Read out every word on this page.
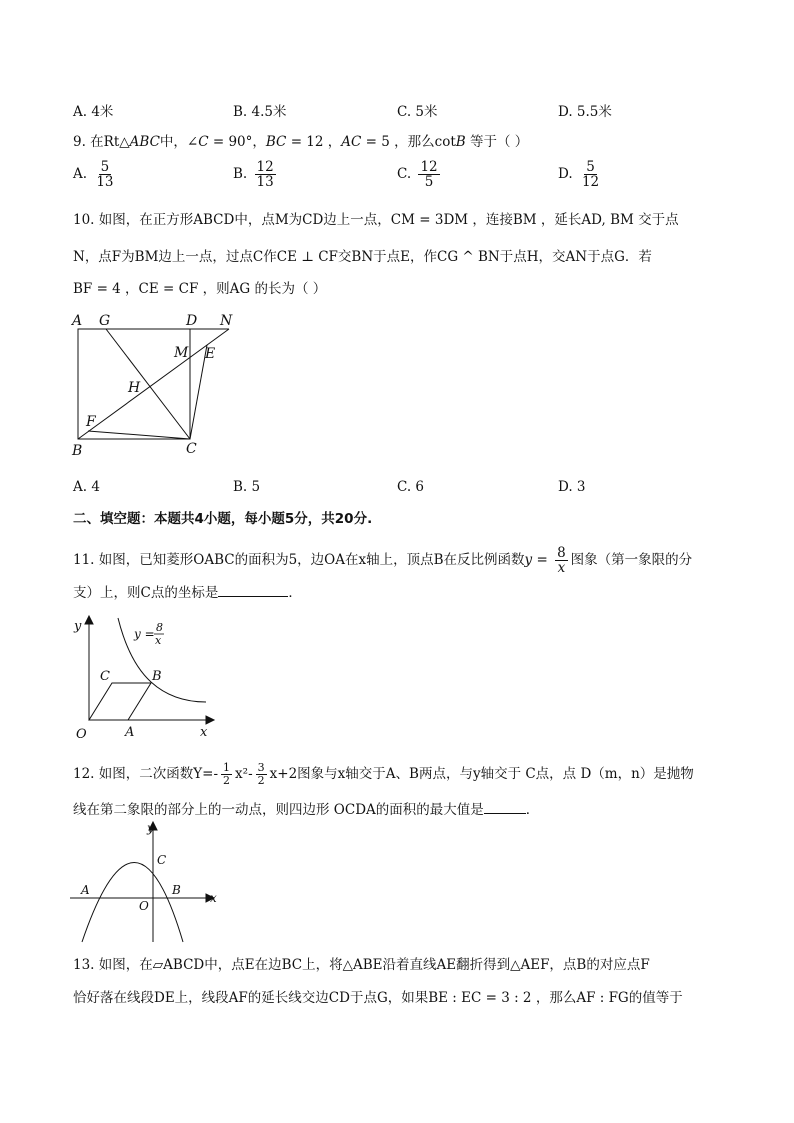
A. 4米	B. 4.5米	C. 5米	D. 5.5米
9. 在Rt△ABC中，∠C = 90°，BC = 12 ，AC = 5 ，那么cotB 等于（ ）
A. $\frac{5}{13}$	B. $\frac{12}{13}$	C. $\frac{12}{5}$	D. $\frac{5}{12}$
10. 如图，在正方形ABCD中，点M为CD边上一点，CM = 3DM ，连接BM ，延长AD, BM 交于点
N，点F为BM边上一点，过点C作CE ⊥ CF交BN于点E，作CG ^ BN于点H，交AN于点G．若
BF = 4 ，CE = CF ，则AG 的长为（ ）
A G	D N
M E
H
F
B	C
A. 4	B. 5	C. 6	D. 3
二、填空题：本题共4小题，每小题5分，共20分.
11. 如图，已知菱形OABC的面积为5，边OA在x轴上，顶点B在反比例函数$y = \frac{8}{x}$ 图象（第一象限的分
支）上，则C点的坐标是	．
y
x
O	A
B
C
y = 8
x
12. 如图，二次函数$Y=- \frac{1}{2} x^2- \frac{3}{2} x+2$图象与x轴交于A、B两点，与y轴交于 C点，点 D（m，n）是抛物
线在第二象限的部分上的一动点，则四边形 OCDA的面积的最大值是	．
y
x
A	B
C
O
13. 如图，在▱ABCD中，点E在边BC上，将△ABE沿着直线AE翻折得到△AEF，点B的对应点F
恰好落在线段DE上，线段AF的延长线交边CD于点G，如果BE : EC = 3 : 2 ，那么AF : FG的值等于
